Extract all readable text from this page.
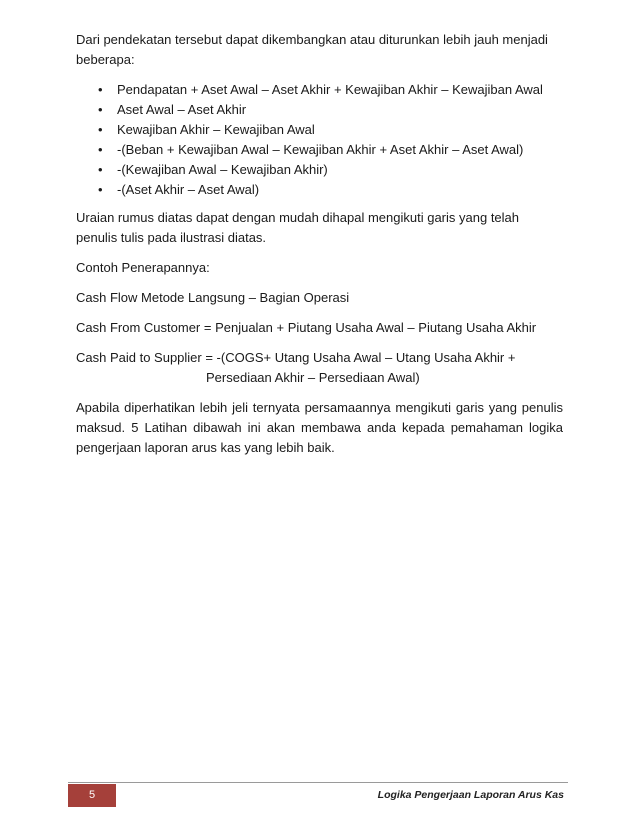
Dari pendekatan tersebut dapat dikembangkan atau diturunkan lebih jauh menjadi beberapa:

• Pendapatan + Aset Awal – Aset Akhir + Kewajiban Akhir – Kewajiban Awal
• Aset Awal – Aset Akhir
• Kewajiban Akhir – Kewajiban Awal
• -(Beban + Kewajiban Awal – Kewajiban Akhir + Aset Akhir – Aset Awal)
• -(Kewajiban Awal – Kewajiban Akhir)
• -(Aset Akhir – Aset Awal)

Uraian rumus diatas dapat dengan mudah dihapal mengikuti garis yang telah penulis tulis pada ilustrasi diatas.

Contoh Penerapannya:

Cash Flow Metode Langsung – Bagian Operasi

Cash From Customer = Penjualan + Piutang Usaha Awal – Piutang Usaha Akhir

Cash Paid to Supplier = -(COGS+ Utang Usaha Awal – Utang Usaha Akhir +
Persediaan Akhir – Persediaan Awal)

Apabila diperhatikan lebih jeli ternyata persamaannya mengikuti garis yang penulis maksud. 5 Latihan dibawah ini akan membawa anda kepada pemahaman logika pengerjaan laporan arus kas yang lebih baik.

5	Logika Pengerjaan Laporan Arus Kas
